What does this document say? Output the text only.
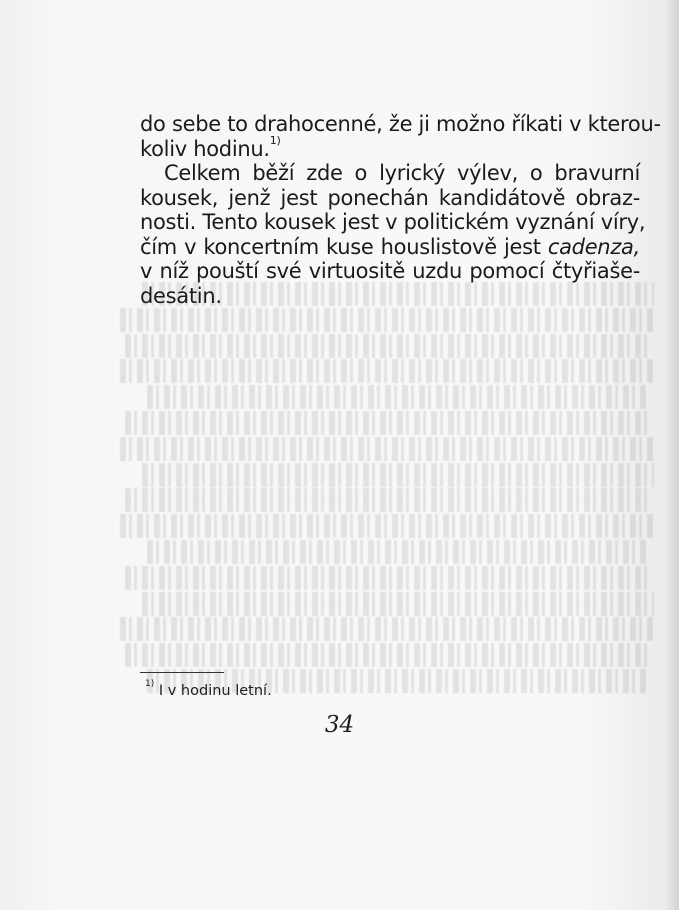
do sebe to drahocenné, že ji možno říkati v kterou-
koliv hodinu.$^{1)}$
Celkem běží zde o lyrický výlev, o bravurní
kousek, jenž jest ponechán kandidátově obraz-
nosti. Tento kousek jest v politickém vyznání víry,
čím v koncertním kuse houslistově jest cadenza,
v níž pouští své virtuositě uzdu pomocí čtyřiaše-
desátin.
$^{1)}$ I v hodinu letní.
34
